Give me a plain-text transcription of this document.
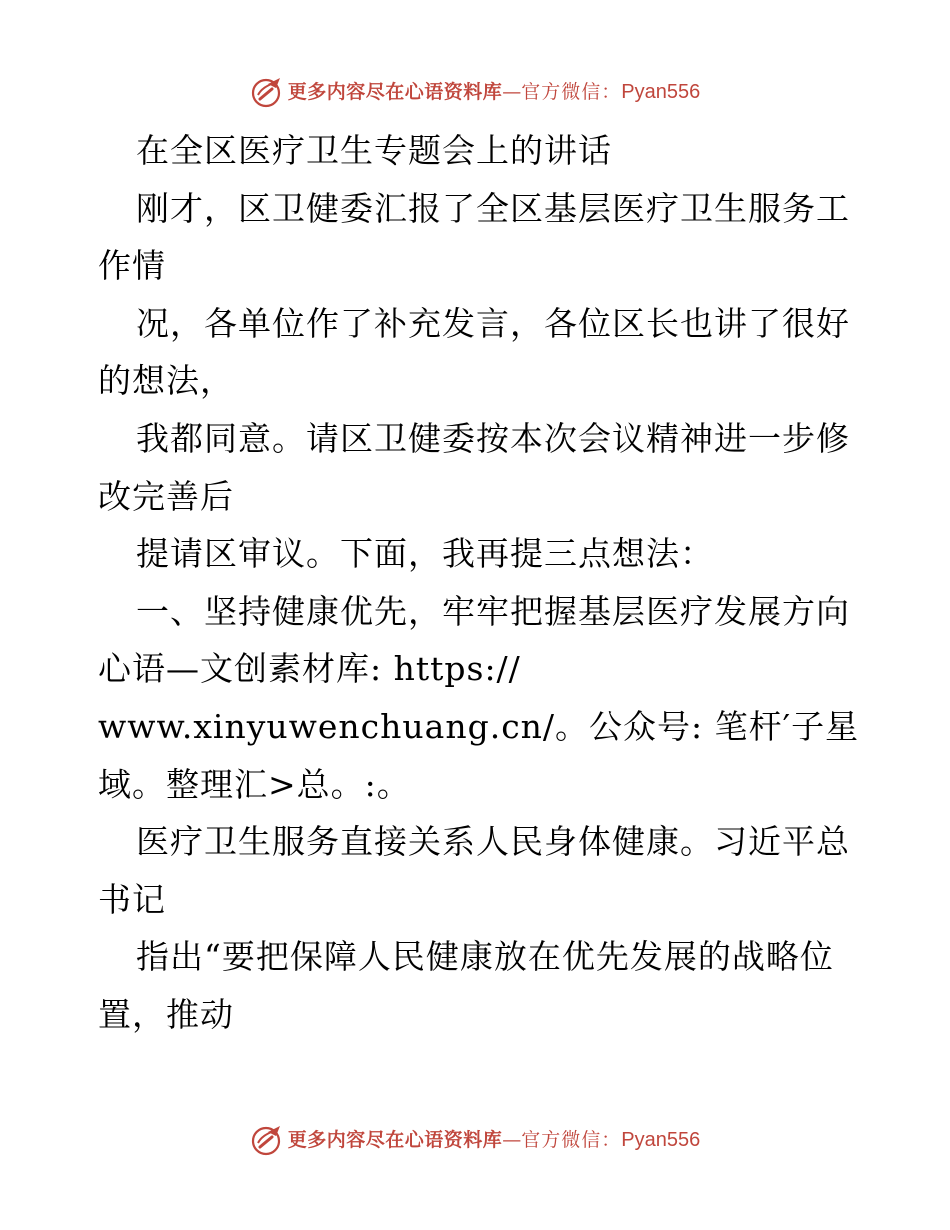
更多内容尽在心语资料库 — 官方微信： Pyan556
在全区医疗卫生专题会上的讲话
刚才，区卫健委汇报了全区基层医疗卫生服务工
作情
况，各单位作了补充发言，各位区长也讲了很好
的想法，
我都同意。请区卫健委按本次会议精神进一步修
改完善后
提请区审议。下面，我再提三点想法：
一、坚持健康优先，牢牢把握基层医疗发展方向
心语—文创素材库: https://
www.xinyuwenchuang.cn/。公众号: 笔杆′子星
域。整理汇>总。:。
医疗卫生服务直接关系人民身体健康。习近平总
书记
指出“要把保障人民健康放在优先发展的战略位
置，推动
更多内容尽在心语资料库 — 官方微信： Pyan556
